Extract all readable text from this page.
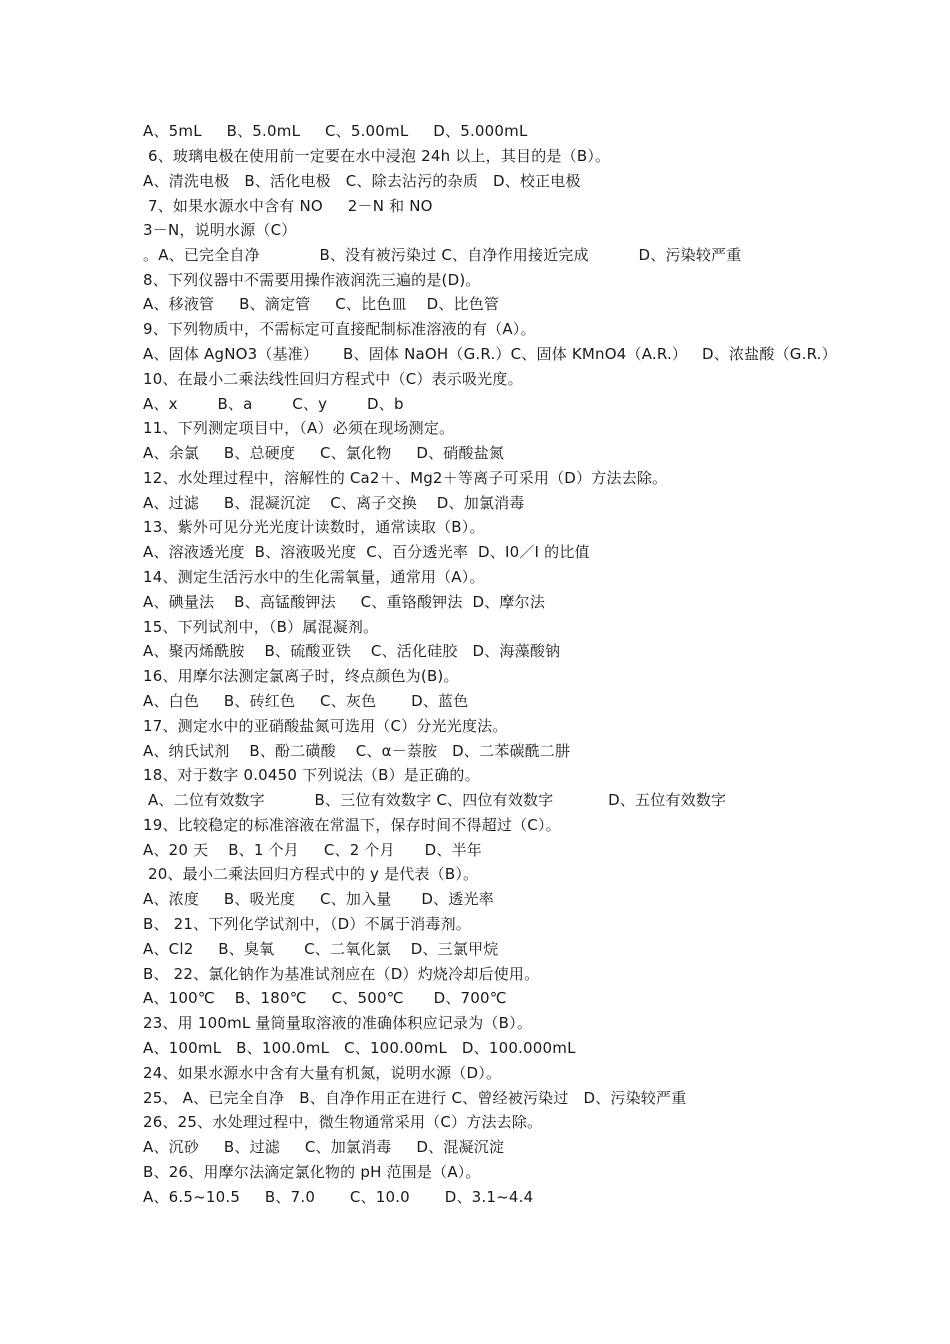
A、5mL     B、5.0mL     C、5.00mL     D、5.000mL
6、玻璃电极在使用前一定要在水中浸泡 24h 以上，其目的是（B）。
A、清洗电极   B、活化电极   C、除去沾污的杂质   D、校正电极
7、如果水源水中含有 NO     2－N 和 NO
3－N，说明水源（C）
。A、已完全自净            B、没有被污染过 C、自净作用接近完成          D、污染较严重
8、下列仪器中不需要用操作液润洗三遍的是(D)。
A、移液管     B、滴定管     C、比色皿    D、比色管
9、下列物质中，不需标定可直接配制标准溶液的有（A）。
A、固体 AgNO3（基准）     B、固体 NaOH（G.R.）C、固体 KMnO4（A.R.）   D、浓盐酸（G.R.）
10、在最小二乘法线性回归方程式中（C）表示吸光度。
A、x        B、a        C、y        D、b
11、下列测定项目中，（A）必须在现场测定。
A、余氯     B、总硬度     C、氯化物     D、硝酸盐氮
12、水处理过程中，溶解性的 Ca2＋、Mg2＋等离子可采用（D）方法去除。
A、过滤     B、混凝沉淀    C、离子交换    D、加氯消毒
13、紫外可见分光光度计读数时，通常读取（B）。
A、溶液透光度  B、溶液吸光度  C、百分透光率  D、I0／I 的比值
14、测定生活污水中的生化需氧量，通常用（A）。
A、碘量法    B、高锰酸钾法     C、重铬酸钾法  D、摩尔法
15、下列试剂中，（B）属混凝剂。
A、聚丙烯酰胺    B、硫酸亚铁    C、活化硅胶   D、海藻酸钠
16、用摩尔法测定氯离子时，终点颜色为(B)。
A、白色     B、砖红色     C、灰色       D、蓝色
17、测定水中的亚硝酸盐氮可选用（C）分光光度法。
A、纳氏试剂    B、酚二磺酸    C、α－萘胺   D、二苯碳酰二肼
18、对于数字 0.0450 下列说法（B）是正确的。
A、二位有效数字          B、三位有效数字 C、四位有效数字           D、五位有效数字
19、比较稳定的标准溶液在常温下，保存时间不得超过（C）。
A、20 天    B、1 个月     C、2 个月      D、半年
20、最小二乘法回归方程式中的 y 是代表（B）。
A、浓度     B、吸光度     C、加入量      D、透光率
B、 21、下列化学试剂中，（D）不属于消毒剂。
A、Cl2     B、臭氧      C、二氧化氯    D、三氯甲烷
B、 22、氯化钠作为基准试剂应在（D）灼烧冷却后使用。
A、100℃    B、180℃     C、500℃      D、700℃
23、用 100mL 量筒量取溶液的准确体积应记录为（B）。
A、100mL   B、100.0mL   C、100.00mL   D、100.000mL
24、如果水源水中含有大量有机氮，说明水源（D）。
25、 A、已完全自净   B、自净作用正在进行 C、曾经被污染过   D、污染较严重
26、25、水处理过程中，微生物通常采用（C）方法去除。
A、沉砂     B、过滤     C、加氯消毒     D、混凝沉淀
B、26、用摩尔法滴定氯化物的 pH 范围是（A）。
A、6.5~10.5     B、7.0       C、10.0       D、3.1~4.4
